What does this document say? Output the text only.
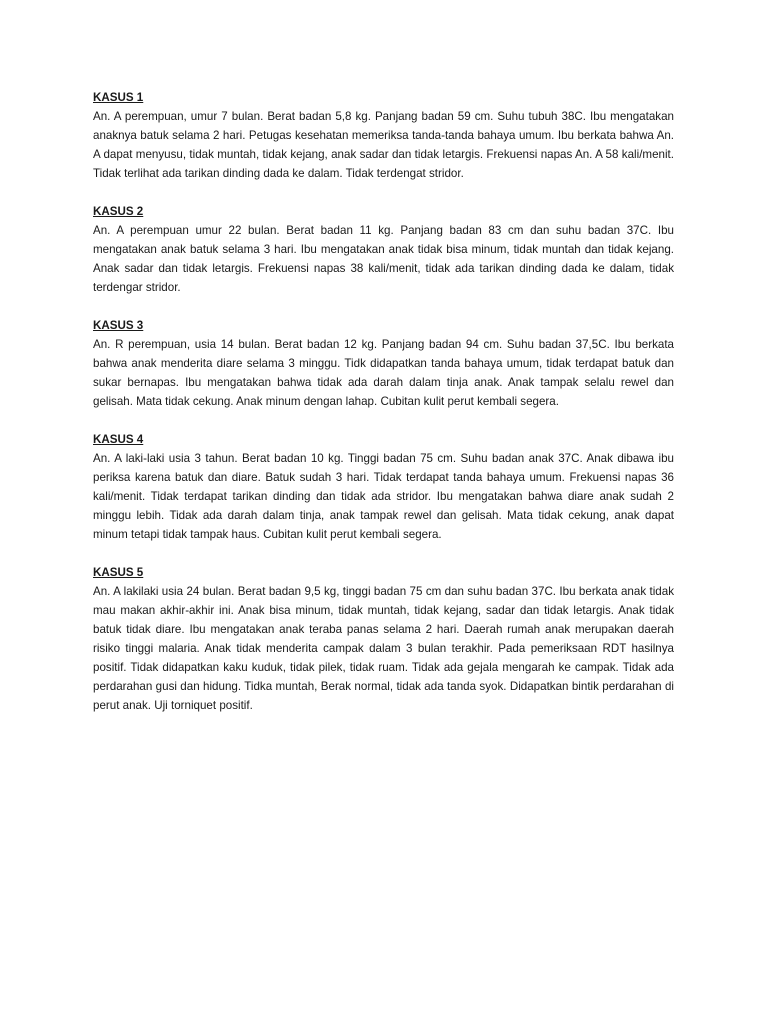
KASUS 1

An. A perempuan, umur 7 bulan. Berat badan 5,8 kg. Panjang badan 59 cm. Suhu tubuh 38C. Ibu mengatakan anaknya batuk selama 2 hari. Petugas kesehatan memeriksa tanda-tanda bahaya umum. Ibu berkata bahwa An. A dapat menyusu, tidak muntah, tidak kejang, anak sadar dan tidak letargis. Frekuensi napas An. A 58 kali/menit. Tidak terlihat ada tarikan dinding dada ke dalam. Tidak terdengat stridor.

KASUS 2

An. A perempuan umur 22 bulan. Berat badan 11 kg. Panjang badan 83 cm dan suhu badan 37C. Ibu mengatakan anak batuk selama 3 hari. Ibu mengatakan anak tidak bisa minum, tidak muntah dan tidak kejang. Anak sadar dan tidak letargis. Frekuensi napas 38 kali/menit, tidak ada tarikan dinding dada ke dalam, tidak terdengar stridor.

KASUS 3

An. R perempuan, usia 14 bulan. Berat badan 12 kg. Panjang badan 94 cm. Suhu badan 37,5C. Ibu berkata bahwa anak menderita diare selama 3 minggu. Tidk didapatkan tanda bahaya umum, tidak terdapat batuk dan sukar bernapas. Ibu mengatakan bahwa tidak ada darah dalam tinja anak. Anak tampak selalu rewel dan gelisah. Mata tidak cekung. Anak minum dengan lahap. Cubitan kulit perut kembali segera.

KASUS 4

An. A laki-laki usia 3 tahun. Berat badan 10 kg. Tinggi badan 75 cm. Suhu badan anak 37C. Anak dibawa ibu periksa karena batuk dan diare. Batuk sudah 3 hari. Tidak terdapat tanda bahaya umum. Frekuensi napas 36 kali/menit. Tidak terdapat tarikan dinding dan tidak ada stridor. Ibu mengatakan bahwa diare anak sudah 2 minggu lebih. Tidak ada darah dalam tinja, anak tampak rewel dan gelisah. Mata tidak cekung, anak dapat minum tetapi tidak tampak haus. Cubitan kulit perut kembali segera.

KASUS 5

An. A lakilaki usia 24 bulan. Berat badan 9,5 kg, tinggi badan 75 cm dan suhu badan 37C. Ibu berkata anak tidak mau makan akhir-akhir ini. Anak bisa minum, tidak muntah, tidak kejang, sadar dan tidak letargis. Anak tidak batuk tidak diare. Ibu mengatakan anak teraba panas selama 2 hari. Daerah rumah anak merupakan daerah risiko tinggi malaria. Anak tidak menderita campak dalam 3 bulan terakhir. Pada pemeriksaan RDT hasilnya positif. Tidak didapatkan kaku kuduk, tidak pilek, tidak ruam. Tidak ada gejala mengarah ke campak. Tidak ada perdarahan gusi dan hidung. Tidka muntah, Berak normal, tidak ada tanda syok. Didapatkan bintik perdarahan di perut anak. Uji torniquet positif.
